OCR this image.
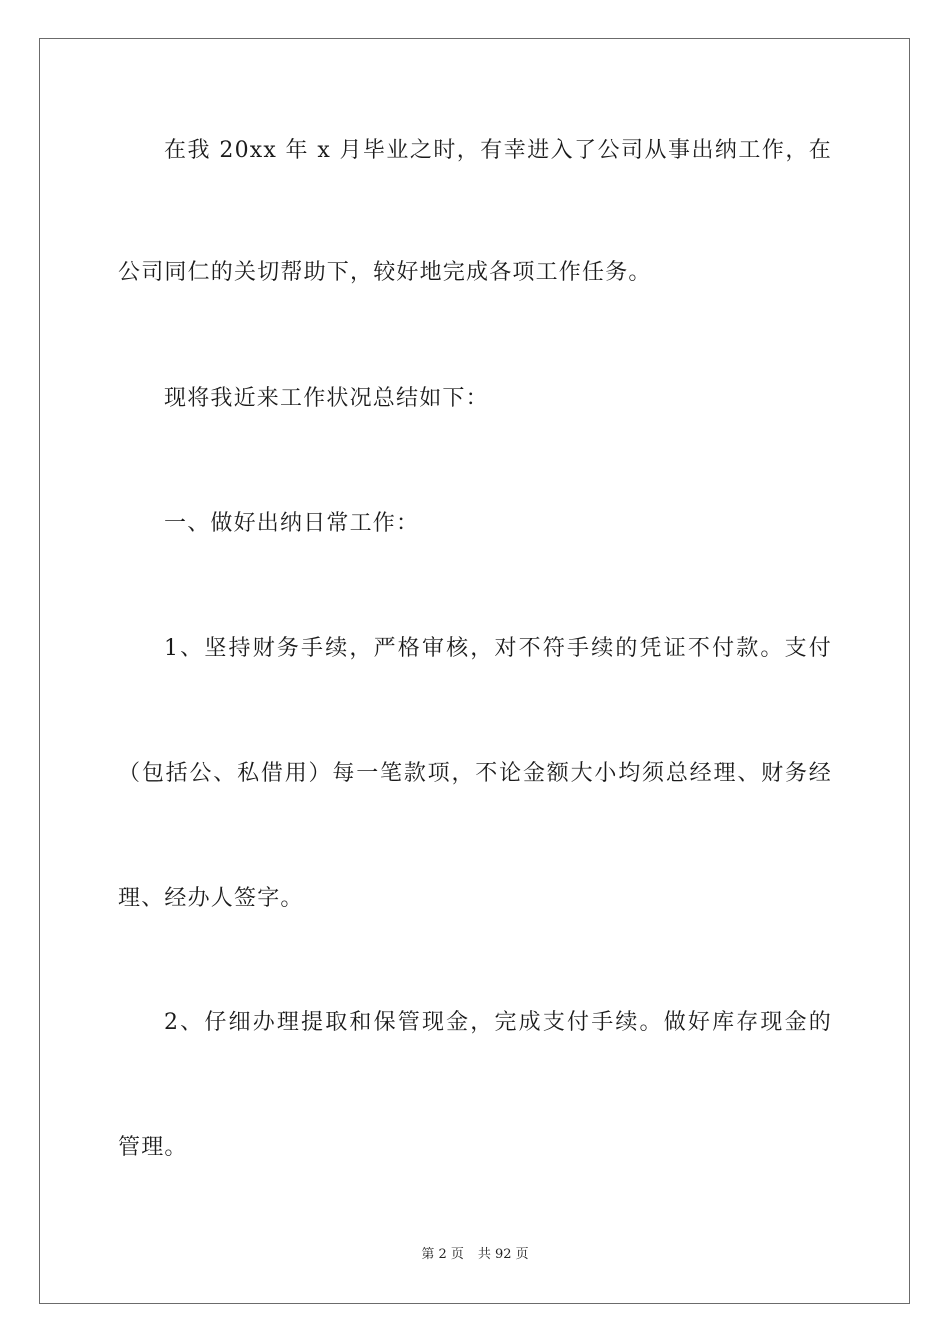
在我 20xx 年 x 月毕业之时，有幸进入了公司从事出纳工作，在
公司同仁的关切帮助下，较好地完成各项工作任务。
现将我近来工作状况总结如下：
一、做好出纳日常工作：
1、坚持财务手续，严格审核，对不符手续的凭证不付款。支付
（包括公、私借用）每一笔款项，不论金额大小均须总经理、财务经
理、经办人签字。
2、仔细办理提取和保管现金，完成支付手续。做好库存现金的
管理。
第 2 页 共 92 页
